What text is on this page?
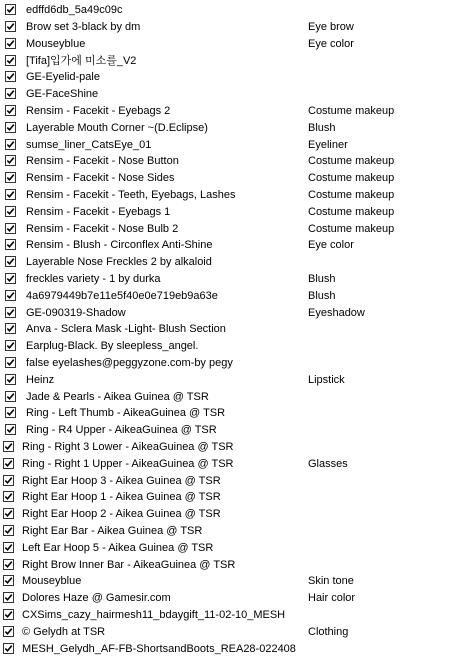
edffd6db_5a49c09c
Brow set 3-black by dm	Eye brow
Mouseyblue	Eye color
[Tifa]입가에 미소를_V2
GE-Eyelid-pale
GE-FaceShine
Rensim - Facekit - Eyebags 2	Costume makeup
Layerable Mouth Corner ~(D.Eclipse)	Blush
sumse_liner_CatsEye_01	Eyeliner
Rensim - Facekit - Nose Button	Costume makeup
Rensim - Facekit - Nose Sides	Costume makeup
Rensim - Facekit - Teeth, Eyebags, Lashes	Costume makeup
Rensim - Facekit - Eyebags 1	Costume makeup
Rensim - Facekit - Nose Bulb 2	Costume makeup
Rensim - Blush - Circonflex Anti-Shine	Eye color
Layerable Nose Freckles 2 by alkaloid
freckles variety - 1 by durka	Blush
4a6979449b7e11e5f40e0e719eb9a63e	Blush
GE-090319-Shadow	Eyeshadow
Anva - Sclera Mask -Light- Blush Section
Earplug-Black. By sleepless_angel.
false eyelashes@peggyzone.com-by pegy
Heinz	Lipstick
Jade & Pearls - Aikea Guinea @ TSR
Ring - Left Thumb - AikeaGuinea @ TSR
Ring - R4 Upper - AikeaGuinea @ TSR
Ring - Right 3 Lower - AikeaGuinea @ TSR
Ring - Right 1 Upper - AikeaGuinea @ TSR	Glasses
Right Ear Hoop 3 - Aikea Guinea @ TSR
Right Ear Hoop 1 - Aikea Guinea @ TSR
Right Ear Hoop 2 - Aikea Guinea @ TSR
Right Ear Bar - Aikea Guinea @ TSR
Left Ear Hoop 5 - Aikea Guinea @ TSR
Right Brow Inner Bar - AikeaGuinea @ TSR
Mouseyblue	Skin tone
Dolores Haze @ Gamesir.com	Hair color
CXSims_cazy_hairmesh11_bdaygift_11-02-10_MESH
© Gelydh at TSR	Clothing
MESH_Gelydh_AF-FB-ShortsandBoots_REA28-022408
